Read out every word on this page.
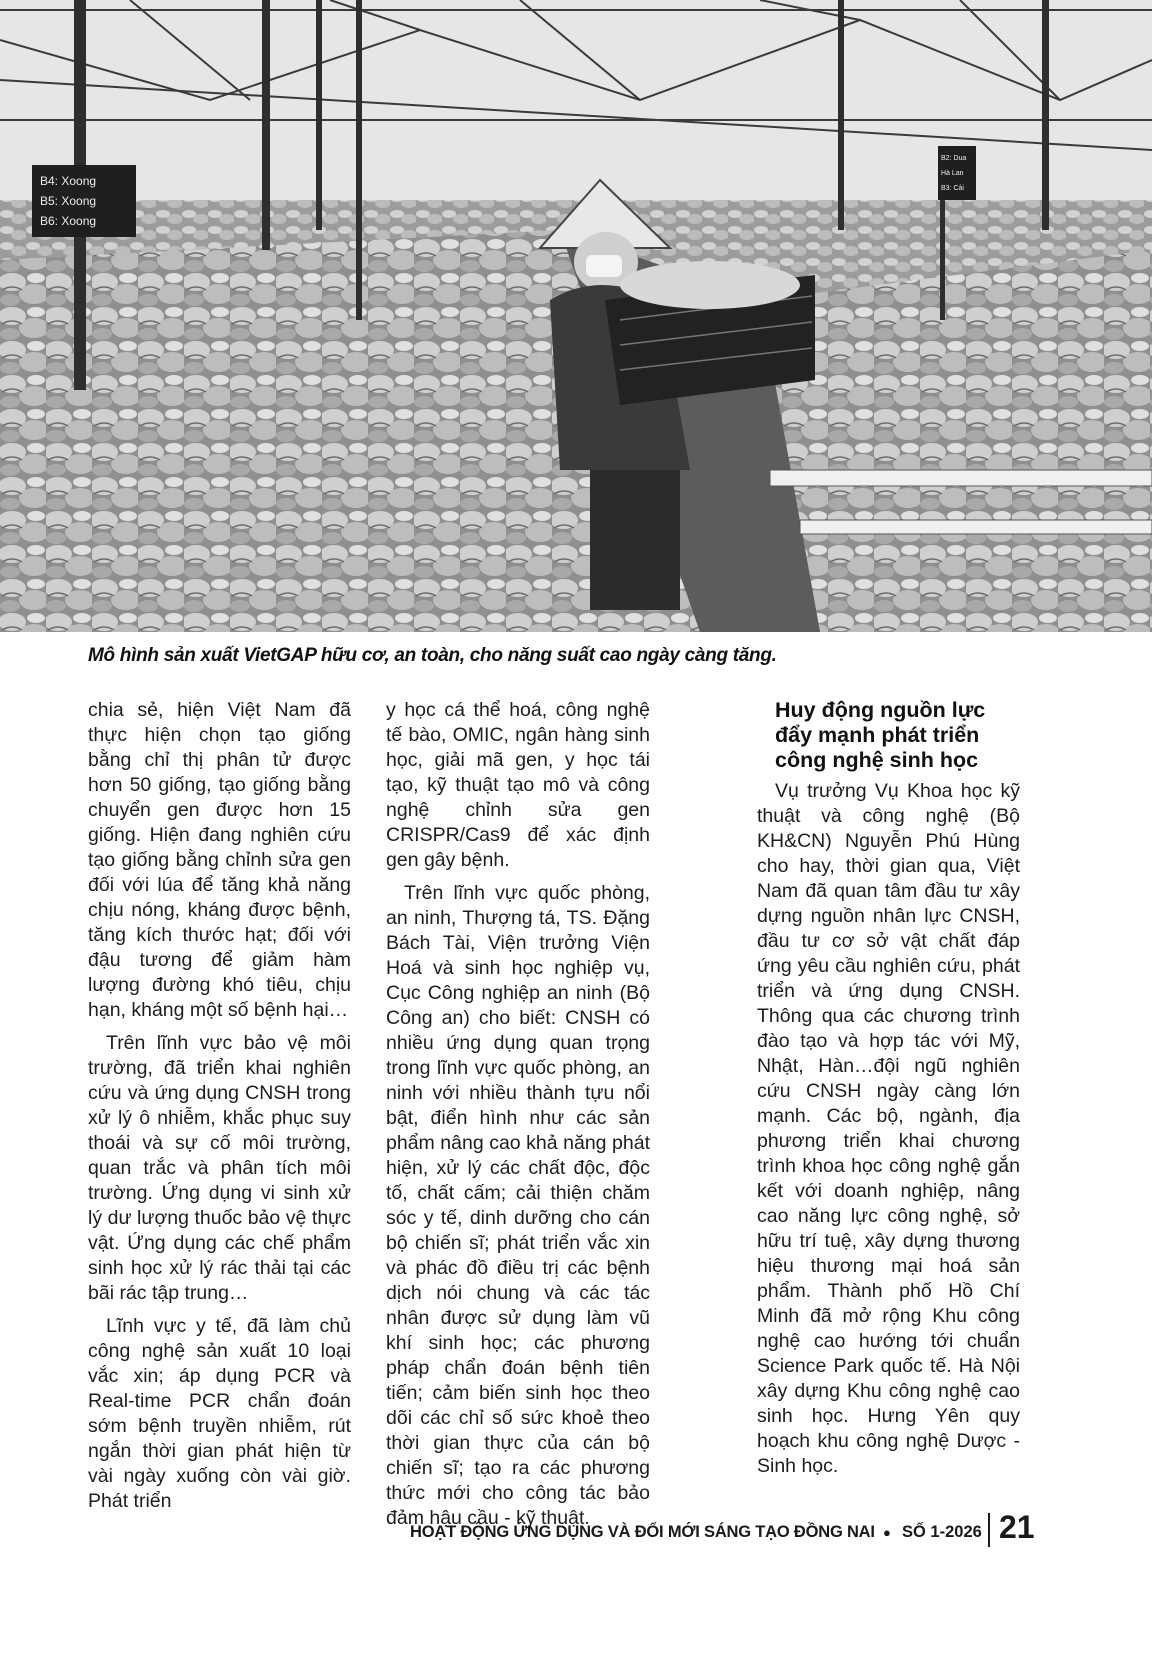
B4: Xoong
B5: Xoong
B6: Xoong
B2: Dua
Hà Lan
B3: Cải
Mô hình sản xuất VietGAP hữu cơ, an toàn, cho năng suất cao ngày càng tăng.

chia sẻ, hiện Việt Nam đã thực hiện chọn tạo giống bằng chỉ thị phân tử được hơn 50 giống, tạo giống bằng chuyển gen được hơn 15 giống. Hiện đang nghiên cứu tạo giống bằng chỉnh sửa gen đối với lúa để tăng khả năng chịu nóng, kháng được bệnh, tăng kích thước hạt; đối với đậu tương để giảm hàm lượng đường khó tiêu, chịu hạn, kháng một số bệnh hại…

Trên lĩnh vực bảo vệ môi trường, đã triển khai nghiên cứu và ứng dụng CNSH trong xử lý ô nhiễm, khắc phục suy thoái và sự cố môi trường, quan trắc và phân tích môi trường. Ứng dụng vi sinh xử lý dư lượng thuốc bảo vệ thực vật. Ứng dụng các chế phẩm sinh học xử lý rác thải tại các bãi rác tập trung…

Lĩnh vực y tế, đã làm chủ công nghệ sản xuất 10 loại vắc xin; áp dụng PCR và Real-time PCR chẩn đoán sớm bệnh truyền nhiễm, rút ngắn thời gian phát hiện từ vài ngày xuống còn vài giờ. Phát triển

y học cá thể hoá, công nghệ tế bào, OMIC, ngân hàng sinh học, giải mã gen, y học tái tạo, kỹ thuật tạo mô và công nghệ chỉnh sửa gen CRISPR/Cas9 để xác định gen gây bệnh.

Trên lĩnh vực quốc phòng, an ninh, Thượng tá, TS. Đặng Bách Tài, Viện trưởng Viện Hoá và sinh học nghiệp vụ, Cục Công nghiệp an ninh (Bộ Công an) cho biết: CNSH có nhiều ứng dụng quan trọng trong lĩnh vực quốc phòng, an ninh với nhiều thành tựu nổi bật, điển hình như các sản phẩm nâng cao khả năng phát hiện, xử lý các chất độc, độc tố, chất cấm; cải thiện chăm sóc y tế, dinh dưỡng cho cán bộ chiến sĩ; phát triển vắc xin và phác đồ điều trị các bệnh dịch nói chung và các tác nhân được sử dụng làm vũ khí sinh học; các phương pháp chẩn đoán bệnh tiên tiến; cảm biến sinh học theo dõi các chỉ số sức khoẻ theo thời gian thực của cán bộ chiến sĩ; tạo ra các phương thức mới cho công tác bảo đảm hậu cầu - kỹ thuật.

Huy động nguồn lực đẩy mạnh phát triển công nghệ sinh học

Vụ trưởng Vụ Khoa học kỹ thuật và công nghệ (Bộ KH&CN) Nguyễn Phú Hùng cho hay, thời gian qua, Việt Nam đã quan tâm đầu tư xây dựng nguồn nhân lực CNSH, đầu tư cơ sở vật chất đáp ứng yêu cầu nghiên cứu, phát triển và ứng dụng CNSH. Thông qua các chương trình đào tạo và hợp tác với Mỹ, Nhật, Hàn…đội ngũ nghiên cứu CNSH ngày càng lớn mạnh. Các bộ, ngành, địa phương triển khai chương trình khoa học công nghệ gắn kết với doanh nghiệp, nâng cao năng lực công nghệ, sở hữu trí tuệ, xây dựng thương hiệu thương mại hoá sản phẩm. Thành phố Hồ Chí Minh đã mở rộng Khu công nghệ cao hướng tới chuẩn Science Park quốc tế. Hà Nội xây dựng Khu công nghệ cao sinh học. Hưng Yên quy hoạch khu công nghệ Dược - Sinh học.

HOẠT ĐỘNG ỨNG DỤNG VÀ ĐỔI MỚI SÁNG TẠO ĐỒNG NAI ● SỐ 1-2026 21
